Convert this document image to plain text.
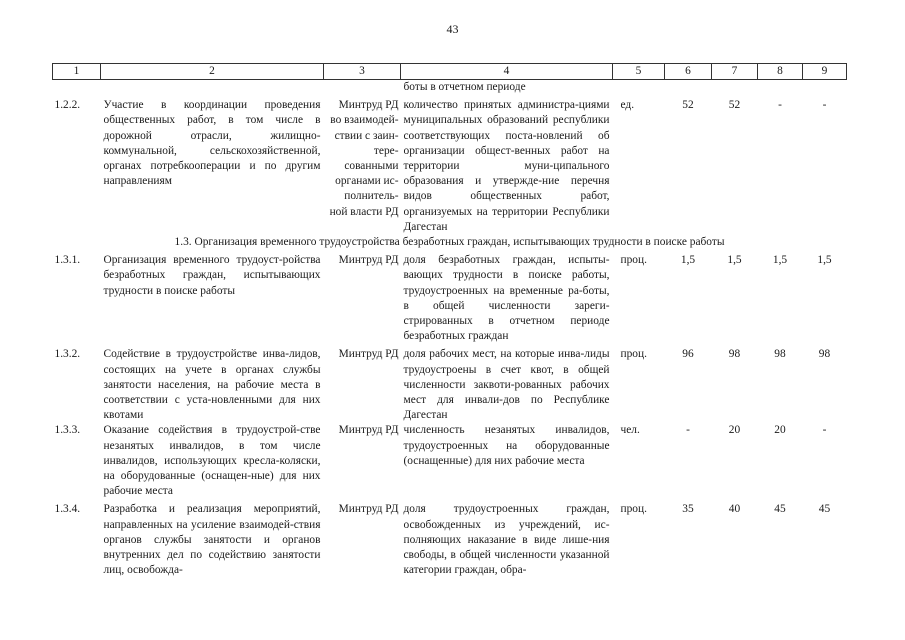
43
1	2	3	4	5	6	7	8	9
			боты в отчетном периоде					

1.2.2.	Участие в координации проведения общественных работ, в том числе в дорожной отрасли, жилищно-коммунальной, сельскохозяйственной, органах потребкооперации и по другим направлениям	Минтруд РД во взаимодей-ствии с заин-тере-сованными органами ис-полнитель-ной власти РД	количество принятых администра-циями муниципальных образований республики соответствующих поста-новлений об организации общест-венных работ на территории муни-ципального образования и утвержде-ние перечня видов общественных работ, организуемых на территории Республики Дагестан	ед.	52	52	-	-
1.3. Организация временного трудоустройства безработных граждан, испытывающих трудности в поиске работы								

1.3.1.	Организация временного трудоуст-ройства безработных граждан, испытывающих трудности в поиске работы	Минтруд РД	доля безработных граждан, испыты-вающих трудности в поиске работы, трудоустроенных на временные ра-боты, в общей численности зареги-стрированных в отчетном периоде безработных граждан	проц.	1,5	1,5	1,5	1,5

1.3.2.	Содействие в трудоустройстве инва-лидов, состоящих на учете в органах службы занятости населения, на рабочие места в соответствии с уста-новленными для них квотами	Минтруд РД	доля рабочих мест, на которые инва-лиды трудоустроены в счет квот, в общей численности заквоти-рованных рабочих мест для инвали-дов по Республике Дагестан	проц.	96	98	98	98
1.3.3.	Оказание содействия в трудоустрой-стве незанятых инвалидов, в том числе инвалидов, использующих кресла-коляски, на оборудованные (оснащен-ные) для них рабочие места	Минтруд РД	численность незанятых инвалидов, трудоустроенных на оборудованные (оснащенные) для них рабочие места	чел.	-	20	20	-

1.3.4.	Разработка и реализация мероприятий, направленных на усиление взаимодей-ствия органов службы занятости и органов внутренних дел по содействию занятости лиц, освобожда-	Минтруд РД	доля трудоустроенных граждан, освобожденных из учреждений, ис-полняющих наказание в виде лише-ния свободы, в общей численности указанной категории граждан, обра-	проц.	35	40	45	45
